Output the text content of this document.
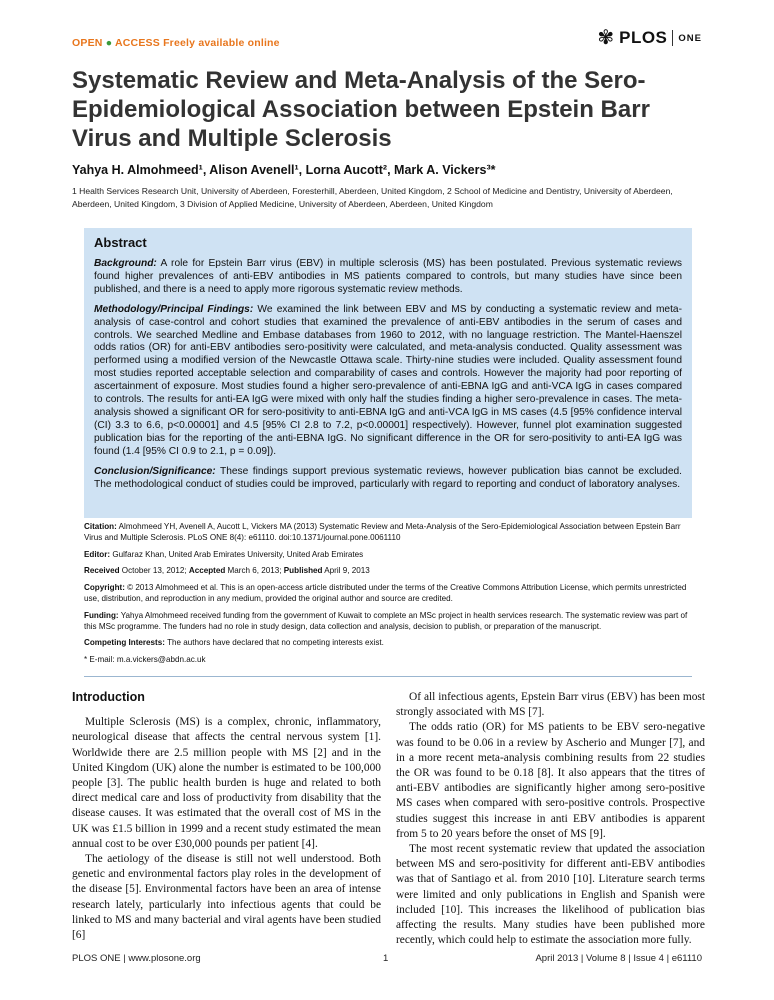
OPEN ● ACCESS Freely available online	✾ PLOS ONE
Systematic Review and Meta-Analysis of the Sero-Epidemiological Association between Epstein Barr Virus and Multiple Sclerosis
Yahya H. Almohmeed¹, Alison Avenell¹, Lorna Aucott², Mark A. Vickers³*
1 Health Services Research Unit, University of Aberdeen, Foresterhill, Aberdeen, United Kingdom, 2 School of Medicine and Dentistry, University of Aberdeen, Aberdeen, United Kingdom, 3 Division of Applied Medicine, University of Aberdeen, Aberdeen, United Kingdom
Abstract

Background: A role for Epstein Barr virus (EBV) in multiple sclerosis (MS) has been postulated. Previous systematic reviews found higher prevalences of anti-EBV antibodies in MS patients compared to controls, but many studies have since been published, and there is a need to apply more rigorous systematic review methods.

Methodology/Principal Findings: We examined the link between EBV and MS by conducting a systematic review and meta-analysis of case-control and cohort studies that examined the prevalence of anti-EBV antibodies in the serum of cases and controls. We searched Medline and Embase databases from 1960 to 2012, with no language restriction. The Mantel-Haenszel odds ratios (OR) for anti-EBV antibodies sero-positivity were calculated, and meta-analysis conducted. Quality assessment was performed using a modified version of the Newcastle Ottawa scale. Thirty-nine studies were included. Quality assessment found most studies reported acceptable selection and comparability of cases and controls. However the majority had poor reporting of ascertainment of exposure. Most studies found a higher sero-prevalence of anti-EBNA IgG and anti-VCA IgG in cases compared to controls. The results for anti-EA IgG were mixed with only half the studies finding a higher sero-prevalence in cases. The meta-analysis showed a significant OR for sero-positivity to anti-EBNA IgG and anti-VCA IgG in MS cases (4.5 [95% confidence interval (CI) 3.3 to 6.6, p<0.00001] and 4.5 [95% CI 2.8 to 7.2, p<0.00001] respectively). However, funnel plot examination suggested publication bias for the reporting of the anti-EBNA IgG. No significant difference in the OR for sero-positivity to anti-EA IgG was found (1.4 [95% CI 0.9 to 2.1, p = 0.09]).

Conclusion/Significance: These findings support previous systematic reviews, however publication bias cannot be excluded. The methodological conduct of studies could be improved, particularly with regard to reporting and conduct of laboratory analyses.

Citation: Almohmeed YH, Avenell A, Aucott L, Vickers MA (2013) Systematic Review and Meta-Analysis of the Sero-Epidemiological Association between Epstein Barr Virus and Multiple Sclerosis. PLoS ONE 8(4): e61110. doi:10.1371/journal.pone.0061110

Editor: Gulfaraz Khan, United Arab Emirates University, United Arab Emirates

Received October 13, 2012; Accepted March 6, 2013; Published April 9, 2013

Copyright: © 2013 Almohmeed et al. This is an open-access article distributed under the terms of the Creative Commons Attribution License, which permits unrestricted use, distribution, and reproduction in any medium, provided the original author and source are credited.

Funding: Yahya Almohmeed received funding from the government of Kuwait to complete an MSc project in health services research. The systematic review was part of this MSc programme. The funders had no role in study design, data collection and analysis, decision to publish, or preparation of the manuscript.

Competing Interests: The authors have declared that no competing interests exist.

* E-mail: m.a.vickers@abdn.ac.uk

Introduction

Multiple Sclerosis (MS) is a complex, chronic, inflammatory, neurological disease that affects the central nervous system [1]. Worldwide there are 2.5 million people with MS [2] and in the United Kingdom (UK) alone the number is estimated to be 100,000 people [3]. The public health burden is huge and related to both direct medical care and loss of productivity from disability that the disease causes. It was estimated that the overall cost of MS in the UK was £1.5 billion in 1999 and a recent study estimated the mean annual cost to be over £30,000 pounds per patient [4].

The aetiology of the disease is still not well understood. Both genetic and environmental factors play roles in the development of the disease [5]. Environmental factors have been an area of intense research lately, particularly into infectious agents that could be linked to MS and many bacterial and viral agents have been studied [6]

Of all infectious agents, Epstein Barr virus (EBV) has been most strongly associated with MS [7].

The odds ratio (OR) for MS patients to be EBV sero-negative was found to be 0.06 in a review by Ascherio and Munger [7], and in a more recent meta-analysis combining results from 22 studies the OR was found to be 0.18 [8]. It also appears that the titres of anti-EBV antibodies are significantly higher among sero-positive MS cases when compared with sero-positive controls. Prospective studies suggest this increase in anti EBV antibodies is apparent from 5 to 20 years before the onset of MS [9].

The most recent systematic review that updated the association between MS and sero-positivity for different anti-EBV antibodies was that of Santiago et al. from 2010 [10]. Literature search terms were limited and only publications in English and Spanish were included [10]. This increases the likelihood of publication bias affecting the results. Many studies have been published more recently, which could help to estimate the association more fully.

PLOS ONE | www.plosone.org	1	April 2013 | Volume 8 | Issue 4 | e61110
